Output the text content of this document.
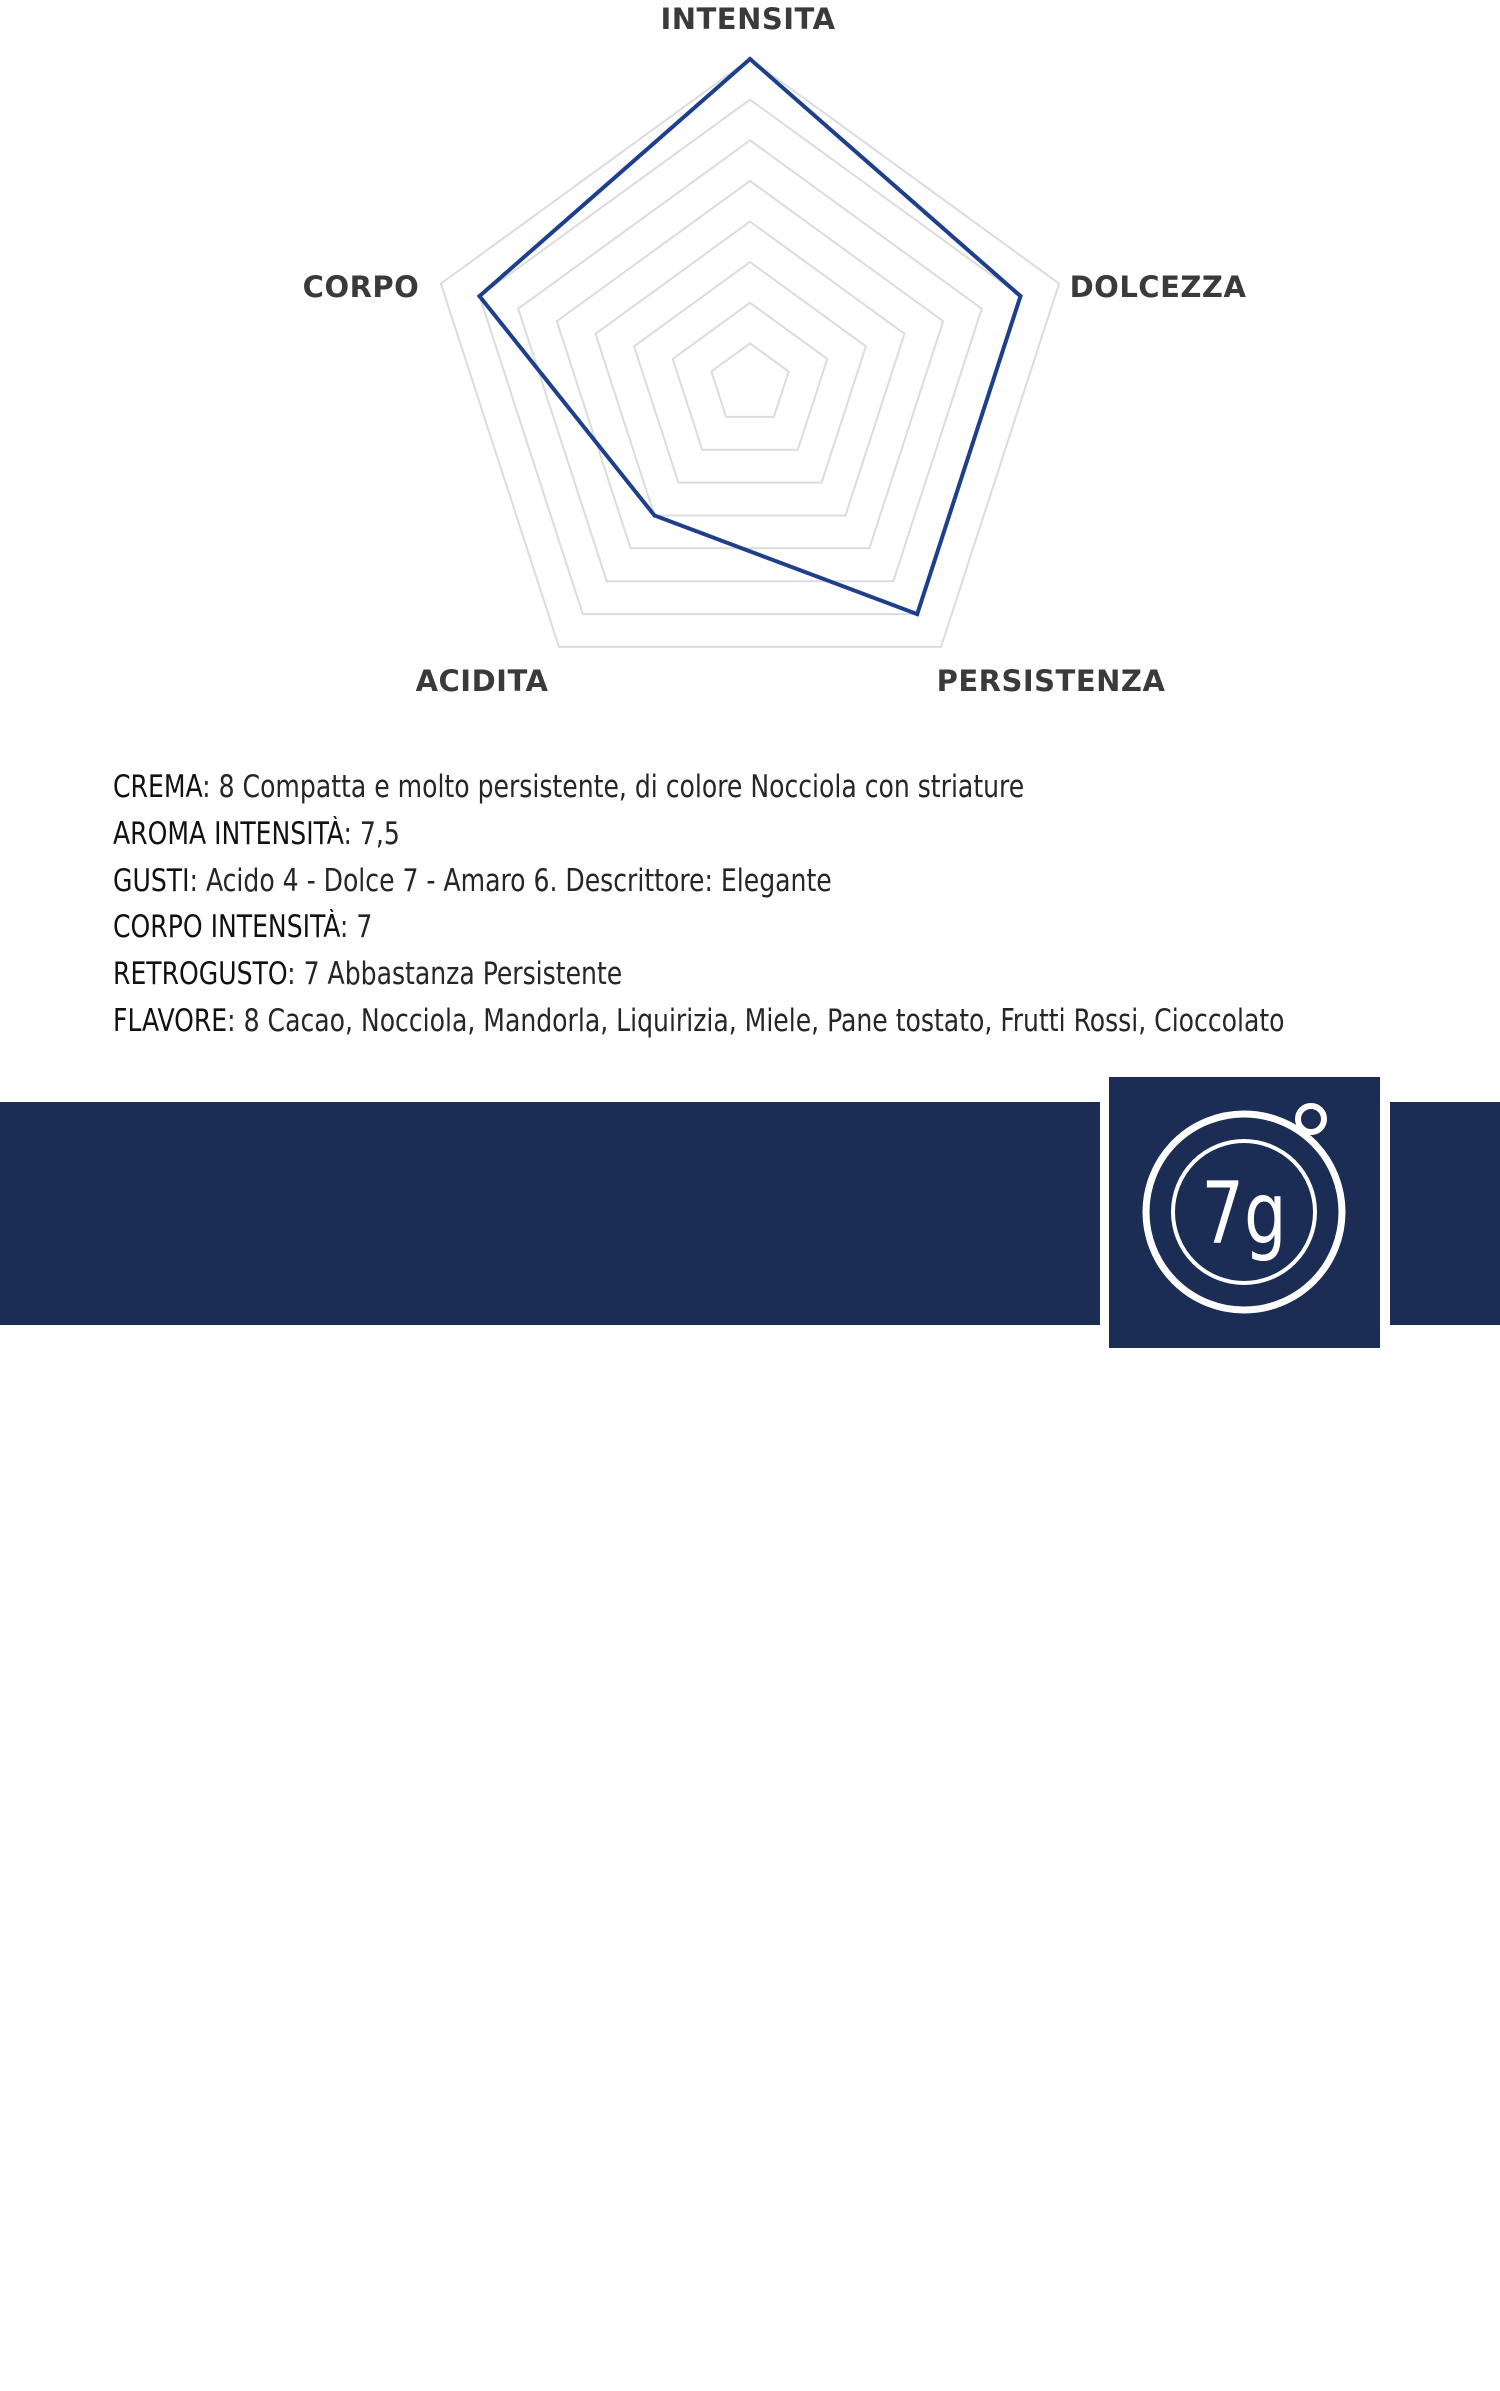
INTENSITA
DOLCEZZA
PERSISTENZA
ACIDITA
CORPO
CREMA: 8 Compatta e molto persistente, di colore Nocciola con striature
AROMA INTENSITÀ: 7,5
GUSTI: Acido 4 - Dolce 7 - Amaro 6. Descrittore: Elegante
CORPO INTENSITÀ: 7
RETROGUSTO: 7 Abbastanza Persistente
FLAVORE: 8 Cacao, Nocciola, Mandorla, Liquirizia, Miele, Pane tostato, Frutti Rossi, Cioccolato
MISCELA ARABICA
Cialde ESE 44mm
7g
